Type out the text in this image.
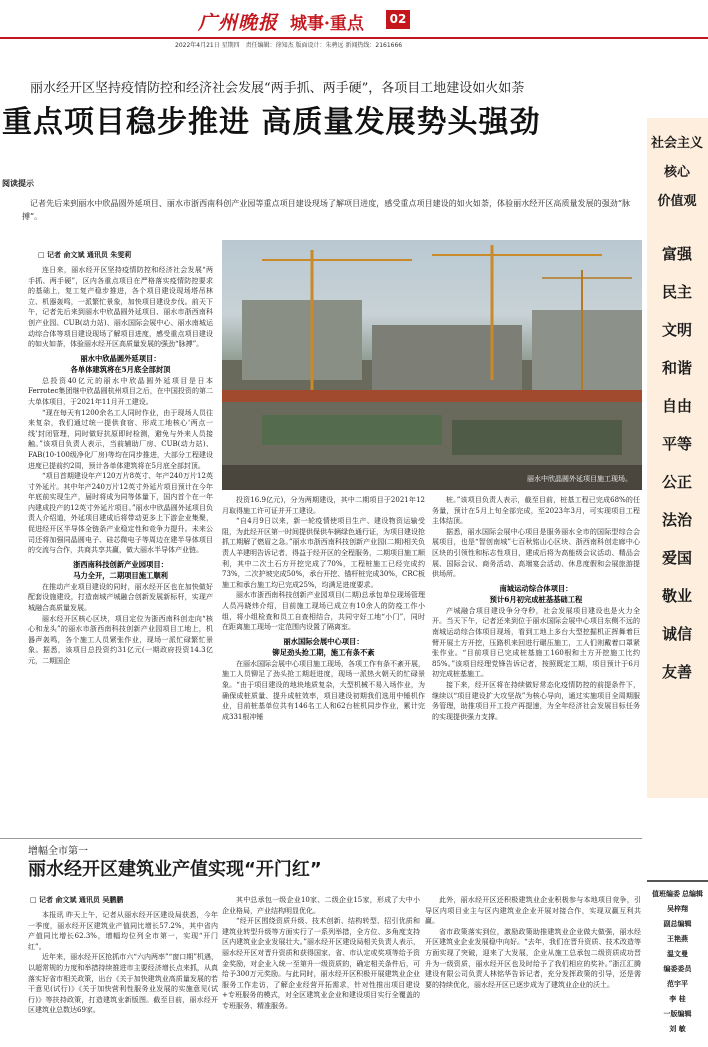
广州晚报 城事·重点	02
2022年4月21日 星期四 责任编辑：徐知杰 版面设计：朱骋远 新闻热线：2161666
丽水经开区坚持疫情防控和经济社会发展“两手抓、两手硬”，各项目工地建设如火如荼
重点项目稳步推进 高质量发展势头强劲
社会主义
核心
价值观
富强
民主
文明
和谐
自由
平等
公正
法治
爱国
敬业
诚信
友善
阅读提示
记者先后来到丽水中欣晶圆外延项目、丽水市浙西南科创产业园等重点项目建设现场了解项目进度，感受重点项目建设的如火如荼，体验丽水经开区高质量发展的强劲“脉搏”。
□ 记者 俞文斌 通讯员 朱雯莉

连日来，丽水经开区坚持疫情防控和经济社会发展“两手抓、两手硬”，区内各重点项目在严格落实疫情防控要求的基础上，复工复产稳步推进，各个项目建设现场塔吊林立、机器轰鸣，一派繁忙景象，加快项目建设步伐。前天下午，记者先后来到丽水中欣晶圆外延项目、丽水市浙西南科创产业园、CUB(动力站)、丽水国际会展中心、丽水南城运动综合体等项目建设现场了解项目进度，感受重点项目建设的如火如荼，体验丽水经开区高质量发展的强劲“脉搏”。

丽水中欣晶圆外延项目：
各单体建筑将在5月底全部封顶

总投资40亿元的丽水中欣晶圆外延项目是日本Ferrotec集团继中欣晶圆杭州项目之后，在中国投资的第二大单体项目，于2021年11月开工建设。

“现在每天有1200余名工人同时作业，由于现场人员往来复杂，我们通过统一提供食宿、形成工地核心‘两点一线’封闭管理，同时做好抗原即时检测，避免与外来人员接触。”该项目负责人表示，当前辅助厂房、CUB(动力站)、FAB(10-100级净化厂房)等均在同步推进，大部分工程建设进度已提前约2周，预计各单体建筑将在5月底全部封顶。

“项目首期建设年产120万片8英寸、年产240万片12英寸外延片。其中年产240万片12英寸外延片项目预计在今年年底前实现生产，届时将成为同等体量下，国内首个在一年内建成投产的12英寸外延片项目。”丽水中欣晶圆外延项目负责人介绍道，外延项目建成后将带动更多上下游企业集聚，促进经开区半导体全链条产业稳定性和竞争力提升。未来公司还将加强同晶圆电子、硅芯微电子等周边在建半导体项目的交流与合作，共商共享共赢，做大丽水半导体产业链。

浙西南科技创新产业园项目：
马力全开，二期项目施工顺利

在推动产业项目建设的同时，丽水经开区也在加快做好配套设施建设，打造南城产城融合创新发展新标杆，实现产城融合高质量发展。

丽水经开区核心区块，项目定位为浙西南科创走向“核心和龙头”的丽水市浙西南科技创新产业园项目工地上，机器声轰鸣，各个施工人员紧张作业，现场一派忙碌繁忙景象。据悉，该项目总投资约31亿元(一期政府投资14.3亿元，二期国企

丽水中欣晶圆外延项目施工现场。

投资16.9亿元)，分为两期建设，其中二期项目于2021年12月取得施工许可证并开工建设。

“自4月9日以来，新一轮疫情使项目生产、建设物资运输受阻，为此经开区第一时间提供保供车辆绿色通行证，为项目建设抢抓工期解了燃眉之急。”丽水市浙西南科技创新产业园(二期)相关负责人羊建明告诉记者，得益于经开区的全程服务，二期项目施工顺利，其中二次土石方开挖完成了70%，工程桩施工已经完成约73%，二次护坡完成50%，承台开挖、锚杆桩完成30%，CRC板施工和承台施工均已完成25%，均满足进度要求。

丽水市浙西南科技创新产业园项目(二期)总承包单位现场管理人员冯晓炜介绍，目前施工现场已成立有10余人的防疫工作小组，将小组检查和员工自查相结合，共同守好工地“小门”，同时在距离施工现场一定范围内设置了隔离室。

丽水国际会展中心项目：
铆足劲头抢工期，施工有条不紊

在丽水国际会展中心项目施工现场，各项工作有条不紊开展，施工人员铆足了劲头抢工期赶进度，现场一派热火朝天的忙碌景象。“由于项目建设的地块地质复杂，大型机械不易入场作业，为确保成桩质量、提升成桩效率，项目建设初期我们选用中锤机作业，目前桩基单位共有146名工人和62台桩机同步作业，累计完成331根冲锤

桩。”该项目负责人表示，截至目前，桩基工程已完成68%的任务量，预计在5月上旬全部完成，至2023年3月，可实现项目工程主体结顶。

据悉，丽水国际会展中心项目是服务丽水全市的国际型综合会展项目，也是“智创南城”七百秋铭山心区块、浙西南科创走廊中心区块的引领性和标志性项目，建成后将为高能级会议活动、精品会展、国际会议、商务活动、高端宴会活动、休息度假和会展旅游提供场所。

南城运动综合体项目：
预计6月初完成桩基基础工程

产城融合项目建设争分夺秒，社会发展项目建设也是火力全开。当天下午，记者还来到位于丽水国际会展中心项目东侧不远的南城运动综合体项目现场，看到工地上多台大型挖掘机正挥舞着巨臂开展土方开挖，压路机来回进行碾压施工，工人们则戴着口罩紧张作业。“目前项目已完成桩基施工160根和土方开挖施工比约85%。”该项目经理党锋告诉记者，按照既定工期，项目预计于6月初完成桩基施工。

接下来，经开区将在持续做好常态化疫情防控的前提条件下，继续以“项目建设扩大攻坚战”为核心导向，通过实施项目全周期服务管理，助推项目开工投产再提速，为全年经济社会发展目标任务的实现提供强力支撑。

增幅全市第一
丽水经开区建筑业产值实现“开门红”
□ 记者 俞文斌 通讯员 吴鹏鹏

本报讯 昨天上午，记者从丽水经开区建设局获悉，今年一季度，丽水经开区建筑业产值同比增长57.2%，其中省内产值同比增长62.3%，增幅均位列全市第一，实现“开门红”。

近年来，丽水经开区抢抓市六“六内两率”“窗口期”机遇，以超常规的力度和举措持续推进市主要经济增长点来抓，从真落实好省市相关政策，出台《关于加快建筑业高质量发展的若干意见(试行)》《关于加快营利性服务业发展的实施意见(试行)》等扶持政策，打造建筑业新版图。截至目前，丽水经开区建筑业总数达69家。

其中总承包一级企业10家、二级企业15家，形成了大中小企业格局，产业结构明显优化。

“经开区围绕资质升级、技术创新、结构转型、招引优质和建筑业转型升级等方面实行了一系列举措，全方位、多角度支持区内建筑业企业发展壮大。”丽水经开区建设局相关负责人表示，丽水经开区对晋升资质和获得国家、省、市认定或奖项等给予资金奖励，对企业入统一至第升一级资质的，确定相关条件后，可给予300万元奖励。与此同时，丽水经开区积极开展建筑业企业服务工作走访，了解企业经营开拓需求，针对性推出项目建设+专班服务的模式，对全区建筑业企业和建设项目实行全覆盖的专班服务、精准服务。

此外，丽水经开区还积极建筑业企业积极参与本地项目竞争，引导区内项目业主与区内建筑业企业开展对接合作，实现双赢互利共赢。

省市政策落实到位，激励政策助推建筑业企业做大做强，丽水经开区建筑业企业发展稳中向好。“去年，我们在晋升资质、技术改造等方面实现了突破，迎来了大发展，企业从施工总承包二级资质成功晋升为一级资质，丽水经开区也及时给予了我们相应的奖补。”浙江汇腾建设有限公司负责人林铭华告诉记者，充分发挥政策的引导，还是需要的持续优化，丽水经开区已逐步成为了建筑业企业的沃土。

值班编委 总编辑
吴梓翔
副总编辑
王艳燕
温文曼
编委委员
范宇平
李 桂
一版编辑
刘 敏
